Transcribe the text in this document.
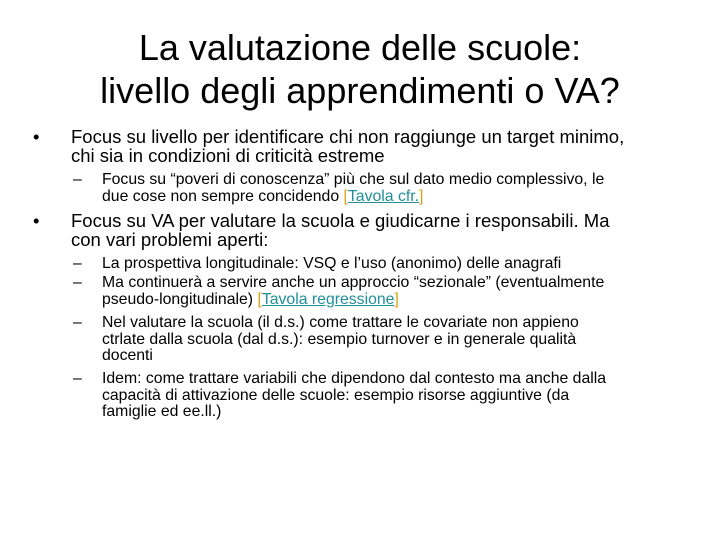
La valutazione delle scuole:
livello degli apprendimenti o VA?
• Focus su livello per identificare chi non raggiunge un target minimo,
chi sia in condizioni di criticità estreme
– Focus su “poveri di conoscenza” più che sul dato medio complessivo, le
due cose non sempre concidendo [Tavola cfr.]
• Focus su VA per valutare la scuola e giudicarne i responsabili. Ma
con vari problemi aperti:
– La prospettiva longitudinale: VSQ e l’uso (anonimo) delle anagrafi
– Ma continuerà a servire anche un approccio “sezionale” (eventualmente
pseudo-longitudinale) [Tavola regressione]
– Nel valutare la scuola (il d.s.) come trattare le covariate non appieno
ctrlate dalla scuola (dal d.s.): esempio turnover e in generale qualità
docenti
– Idem: come trattare variabili che dipendono dal contesto ma anche dalla
capacità di attivazione delle scuole: esempio risorse aggiuntive (da
famiglie ed ee.ll.)
